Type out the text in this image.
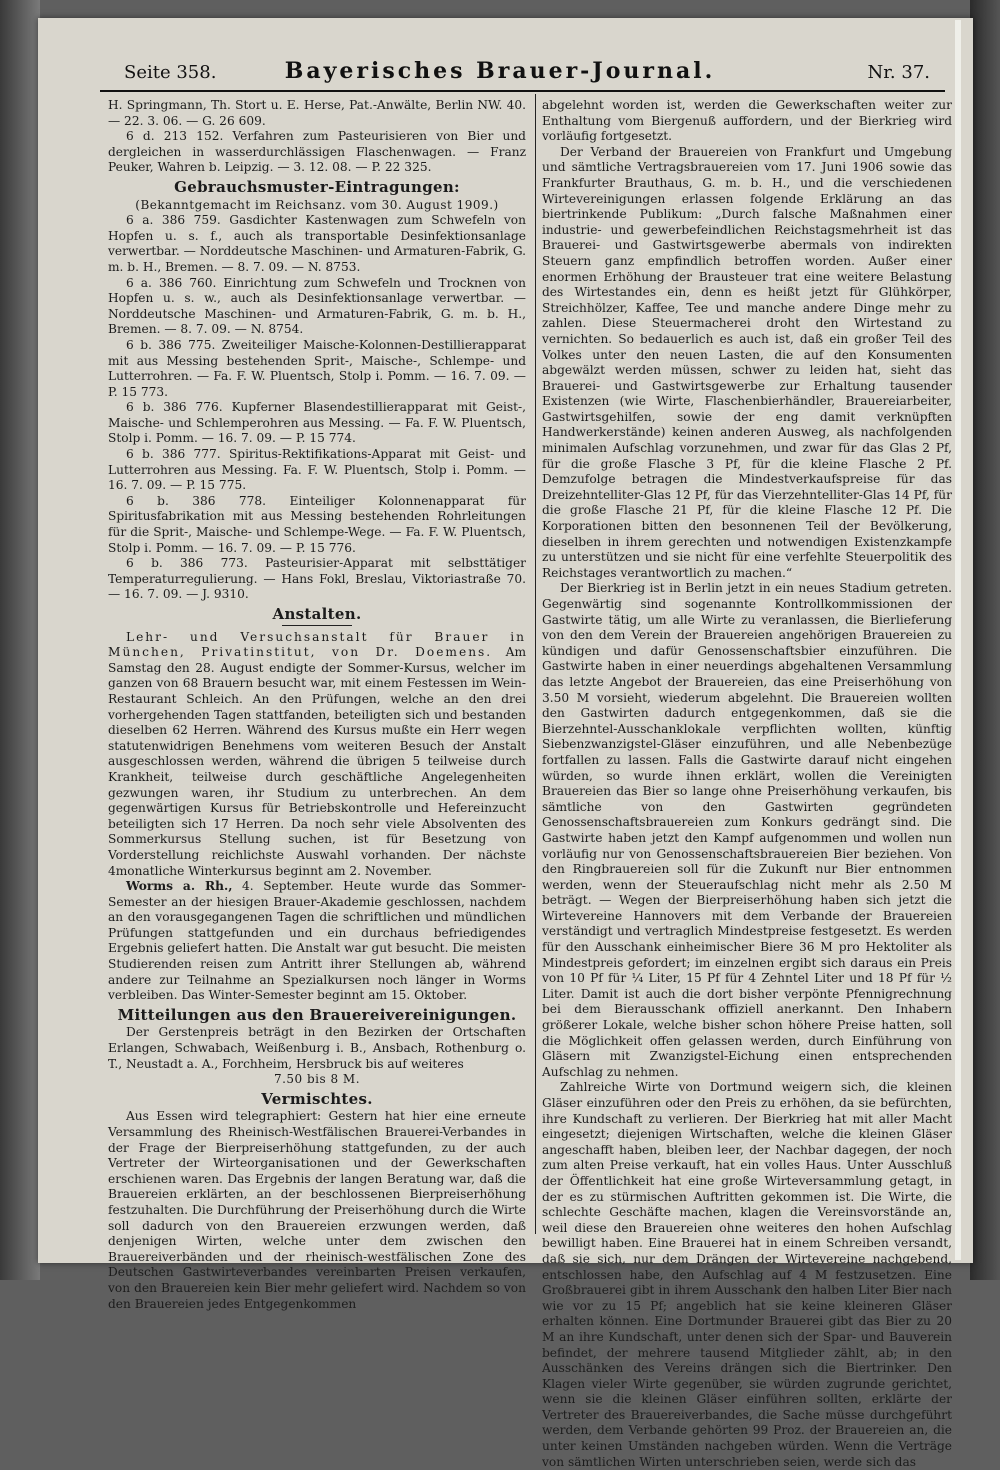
Seite 358.	Bayerisches Brauer-Journal.	Nr. 37.

H. Springmann, Th. Stort u. E. Herse, Pat.-Anwälte, Berlin NW. 40. — 22. 3. 06. — G. 26 609.

6 d. 213 152. Verfahren zum Pasteurisieren von Bier und dergleichen in wasserdurchlässigen Flaschenwagen. — Franz Peuker, Wahren b. Leipzig. — 3. 12. 08. — P. 22 325.

Gebrauchsmuster-Eintragungen:
(Bekanntgemacht im Reichsanz. vom 30. August 1909.)

6 a. 386 759. Gasdichter Kastenwagen zum Schwefeln von Hopfen u. s. f., auch als transportable Desinfektionsanlage verwertbar. — Norddeutsche Maschinen- und Armaturen-Fabrik, G. m. b. H., Bremen. — 8. 7. 09. — N. 8753.

6 a. 386 760. Einrichtung zum Schwefeln und Trocknen von Hopfen u. s. w., auch als Desinfektionsanlage verwertbar. — Norddeutsche Maschinen- und Armaturen-Fabrik, G. m. b. H., Bremen. — 8. 7. 09. — N. 8754.

6 b. 386 775. Zweiteiliger Maische-Kolonnen-Destillierapparat mit aus Messing bestehenden Sprit-, Maische-, Schlempe- und Lutterrohren. — Fa. F. W. Pluentsch, Stolp i. Pomm. — 16. 7. 09. — P. 15 773.

6 b. 386 776. Kupferner Blasendestillierapparat mit Geist-, Maische- und Schlemperohren aus Messing. — Fa. F. W. Pluentsch, Stolp i. Pomm. — 16. 7. 09. — P. 15 774.

6 b. 386 777. Spiritus-Rektifikations-Apparat mit Geist- und Lutterrohren aus Messing. Fa. F. W. Pluentsch, Stolp i. Pomm. — 16. 7. 09. — P. 15 775.

6 b. 386 778. Einteiliger Kolonnenapparat für Spiritusfabrikation mit aus Messing bestehenden Rohrleitungen für die Sprit-, Maische- und Schlempe-Wege. — Fa. F. W. Pluentsch, Stolp i. Pomm. — 16. 7. 09. — P. 15 776.

6 b. 386 773. Pasteurisier-Apparat mit selbsttätiger Temperaturregulierung. — Hans Fokl, Breslau, Viktoriastraße 70. — 16. 7. 09. — J. 9310.

Anstalten.

Lehr- und Versuchsanstalt für Brauer in München, Privatinstitut, von Dr. Doemens. Am Samstag den 28. August endigte der Sommer-Kursus, welcher im ganzen von 68 Brauern besucht war, mit einem Festessen im Wein-Restaurant Schleich. An den Prüfungen, welche an den drei vorhergehenden Tagen stattfanden, beteiligten sich und bestanden dieselben 62 Herren. Während des Kursus mußte ein Herr wegen statutenwidrigen Benehmens vom weiteren Besuch der Anstalt ausgeschlossen werden, während die übrigen 5 teilweise durch Krankheit, teilweise durch geschäftliche Angelegenheiten gezwungen waren, ihr Studium zu unterbrechen. An dem gegenwärtigen Kursus für Betriebskontrolle und Hefereinzucht beteiligten sich 17 Herren. Da noch sehr viele Absolventen des Sommerkursus Stellung suchen, ist für Besetzung von Vorderstellung reichlichste Auswahl vorhanden. Der nächste 4monatliche Winterkursus beginnt am 2. November.

Worms a. Rh., 4. September. Heute wurde das Sommer-Semester an der hiesigen Brauer-Akademie geschlossen, nachdem an den vorausgegangenen Tagen die schriftlichen und mündlichen Prüfungen stattgefunden und ein durchaus befriedigendes Ergebnis geliefert hatten. Die Anstalt war gut besucht. Die meisten Studierenden reisen zum Antritt ihrer Stellungen ab, während andere zur Teilnahme an Spezialkursen noch länger in Worms verbleiben. Das Winter-Semester beginnt am 15. Oktober.

Mitteilungen aus den Brauereivereinigungen.

Der Gerstenpreis beträgt in den Bezirken der Ortschaften Erlangen, Schwabach, Weißenburg i. B., Ansbach, Rothenburg o. T., Neustadt a. A., Forchheim, Hersbruck bis auf weiteres

7.50 bis 8 M.
Vermischtes.

Aus Essen wird telegraphiert: Gestern hat hier eine erneute Versammlung des Rheinisch-Westfälischen Brauerei-Verbandes in der Frage der Bierpreiserhöhung stattgefunden, zu der auch Vertreter der Wirteorganisationen und der Gewerkschaften erschienen waren. Das Ergebnis der langen Beratung war, daß die Brauereien erklärten, an der beschlossenen Bierpreiserhöhung festzuhalten. Die Durchführung der Preiserhöhung durch die Wirte soll dadurch von den Brauereien erzwungen werden, daß denjenigen Wirten, welche unter dem zwischen den Brauereiverbänden und der rheinisch-westfälischen Zone des Deutschen Gastwirteverbandes vereinbarten Preisen verkaufen, von den Brauereien kein Bier mehr geliefert wird. Nachdem so von den Brauereien jedes Entgegenkommen

abgelehnt worden ist, werden die Gewerkschaften weiter zur Enthaltung vom Biergenuß auffordern, und der Bierkrieg wird vorläufig fortgesetzt.

Der Verband der Brauereien von Frankfurt und Umgebung und sämtliche Vertragsbrauereien vom 17. Juni 1906 sowie das Frankfurter Brauthaus, G. m. b. H., und die verschiedenen Wirtevereinigungen erlassen folgende Erklärung an das biertrinkende Publikum: „Durch falsche Maßnahmen einer industrie- und gewerbefeindlichen Reichstagsmehrheit ist das Brauerei- und Gastwirtsgewerbe abermals von indirekten Steuern ganz empfindlich betroffen worden. Außer einer enormen Erhöhung der Brausteuer trat eine weitere Belastung des Wirtestandes ein, denn es heißt jetzt für Glühkörper, Streichhölzer, Kaffee, Tee und manche andere Dinge mehr zu zahlen. Diese Steuermacherei droht den Wirtestand zu vernichten. So bedauerlich es auch ist, daß ein großer Teil des Volkes unter den neuen Lasten, die auf den Konsumenten abgewälzt werden müssen, schwer zu leiden hat, sieht das Brauerei- und Gastwirtsgewerbe zur Erhaltung tausender Existenzen (wie Wirte, Flaschenbierhändler, Brauereiarbeiter, Gastwirtsgehilfen, sowie der eng damit verknüpften Handwerkerstände) keinen anderen Ausweg, als nachfolgenden minimalen Aufschlag vorzunehmen, und zwar für das Glas 2 Pf, für die große Flasche 3 Pf, für die kleine Flasche 2 Pf. Demzufolge betragen die Mindestverkaufspreise für das Dreizehntelliter-Glas 12 Pf, für das Vierzehntelliter-Glas 14 Pf, für die große Flasche 21 Pf, für die kleine Flasche 12 Pf. Die Korporationen bitten den besonnenen Teil der Bevölkerung, dieselben in ihrem gerechten und notwendigen Existenzkampfe zu unterstützen und sie nicht für eine verfehlte Steuerpolitik des Reichstages verantwortlich zu machen.“

Der Bierkrieg ist in Berlin jetzt in ein neues Stadium getreten. Gegenwärtig sind sogenannte Kontrollkommissionen der Gastwirte tätig, um alle Wirte zu veranlassen, die Bierlieferung von den dem Verein der Brauereien angehörigen Brauereien zu kündigen und dafür Genossenschaftsbier einzuführen. Die Gastwirte haben in einer neuerdings abgehaltenen Versammlung das letzte Angebot der Brauereien, das eine Preiserhöhung von 3.50 M vorsieht, wiederum abgelehnt. Die Brauereien wollten den Gastwirten dadurch entgegenkommen, daß sie die Bierzehntel-Ausschanklokale verpflichten wollten, künftig Siebenzwanzigstel-Gläser einzuführen, und alle Nebenbezüge fortfallen zu lassen. Falls die Gastwirte darauf nicht eingehen würden, so wurde ihnen erklärt, wollen die Vereinigten Brauereien das Bier so lange ohne Preiserhöhung verkaufen, bis sämtliche von den Gastwirten gegründeten Genossenschaftsbrauereien zum Konkurs gedrängt sind. Die Gastwirte haben jetzt den Kampf aufgenommen und wollen nun vorläufig nur von Genossenschaftsbrauereien Bier beziehen. Von den Ringbrauereien soll für die Zukunft nur Bier entnommen werden, wenn der Steueraufschlag nicht mehr als 2.50 M beträgt. — Wegen der Bierpreiserhöhung haben sich jetzt die Wirtevereine Hannovers mit dem Verbande der Brauereien verständigt und vertraglich Mindestpreise festgesetzt. Es werden für den Ausschank einheimischer Biere 36 M pro Hektoliter als Mindestpreis gefordert; im einzelnen ergibt sich daraus ein Preis von 10 Pf für ¼ Liter, 15 Pf für 4 Zehntel Liter und 18 Pf für ½ Liter. Damit ist auch die dort bisher verpönte Pfennigrechnung bei dem Bierausschank offiziell anerkannt. Den Inhabern größerer Lokale, welche bisher schon höhere Preise hatten, soll die Möglichkeit offen gelassen werden, durch Einführung von Gläsern mit Zwanzigstel-Eichung einen entsprechenden Aufschlag zu nehmen.

Zahlreiche Wirte von Dortmund weigern sich, die kleinen Gläser einzuführen oder den Preis zu erhöhen, da sie befürchten, ihre Kundschaft zu verlieren. Der Bierkrieg hat mit aller Macht eingesetzt; diejenigen Wirtschaften, welche die kleinen Gläser angeschafft haben, bleiben leer, der Nachbar dagegen, der noch zum alten Preise verkauft, hat ein volles Haus. Unter Ausschluß der Öffentlichkeit hat eine große Wirteversammlung getagt, in der es zu stürmischen Auftritten gekommen ist. Die Wirte, die schlechte Geschäfte machen, klagen die Vereinsvorstände an, weil diese den Brauereien ohne weiteres den hohen Aufschlag bewilligt haben. Eine Brauerei hat in einem Schreiben versandt, daß sie sich, nur dem Drängen der Wirtevereine nachgebend, entschlossen habe, den Aufschlag auf 4 M festzusetzen. Eine Großbrauerei gibt in ihrem Ausschank den halben Liter Bier nach wie vor zu 15 Pf; angeblich hat sie keine kleineren Gläser erhalten können. Eine Dortmunder Brauerei gibt das Bier zu 20 M an ihre Kundschaft, unter denen sich der Spar- und Bauverein befindet, der mehrere tausend Mitglieder zählt, ab; in den Ausschänken des Vereins drängen sich die Biertrinker. Den Klagen vieler Wirte gegenüber, sie würden zugrunde gerichtet, wenn sie die kleinen Gläser einführen sollten, erklärte der Vertreter des Brauereiverbandes, die Sache müsse durchgeführt werden, dem Verbande gehörten 99 Proz. der Brauereien an, die unter keinen Umständen nachgeben würden. Wenn die Verträge von sämtlichen Wirten unterschrieben seien, werde sich das
